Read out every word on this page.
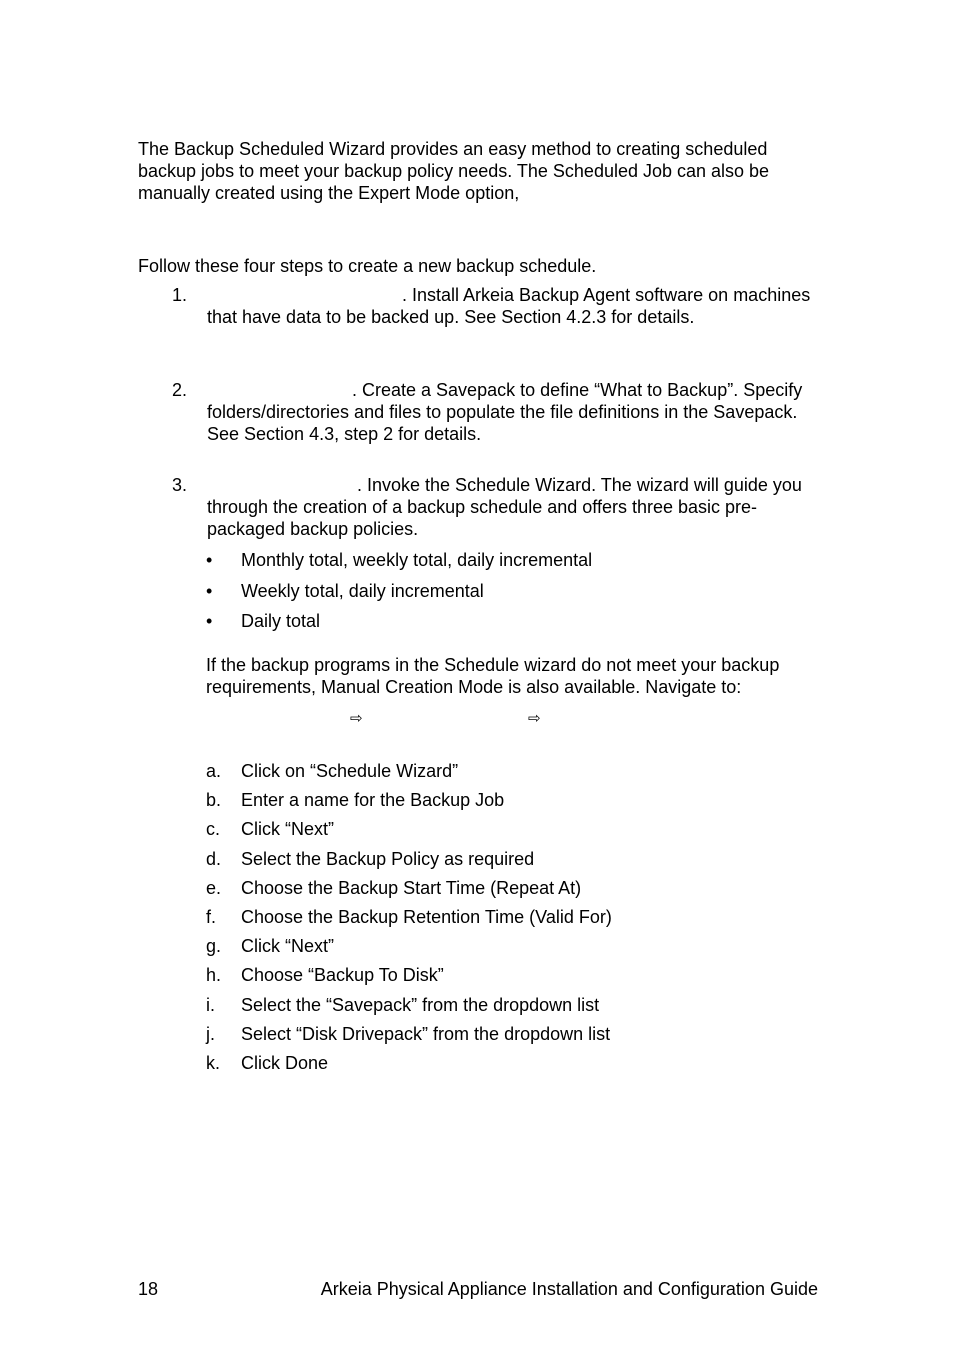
The Backup Scheduled Wizard provides an easy method to creating scheduled backup jobs to meet your backup policy needs. The Scheduled Job can also be manually created using the Expert Mode option,

Follow these four steps to create a new backup schedule.

1.	. Install Arkeia Backup Agent software on machines that have data to be backed up. See Section 4.2.3 for details.
2.	. Create a Savepack to define “What to Backup”. Specify folders/directories and files to populate the file definitions in the Savepack. See Section 4.3, step 2 for details.
3.	. Invoke the Schedule Wizard. The wizard will guide you through the creation of a backup schedule and offers three basic pre-packaged backup policies.
• Monthly total, weekly total, daily incremental
• Weekly total, daily incremental
• Daily total

If the backup programs in the Schedule wizard do not meet your backup requirements, Manual Creation Mode is also available. Navigate to:

⇨	⇨
a. Click on “Schedule Wizard”
b. Enter a name for the Backup Job
c. Click “Next”
d. Select the Backup Policy as required
e. Choose the Backup Start Time (Repeat At)
f. Choose the Backup Retention Time (Valid For)
g. Click “Next”
h. Choose “Backup To Disk”
i. Select the “Savepack” from the dropdown list
j. Select “Disk Drivepack” from the dropdown list
k. Click Done
18	Arkeia Physical Appliance Installation and Configuration Guide
